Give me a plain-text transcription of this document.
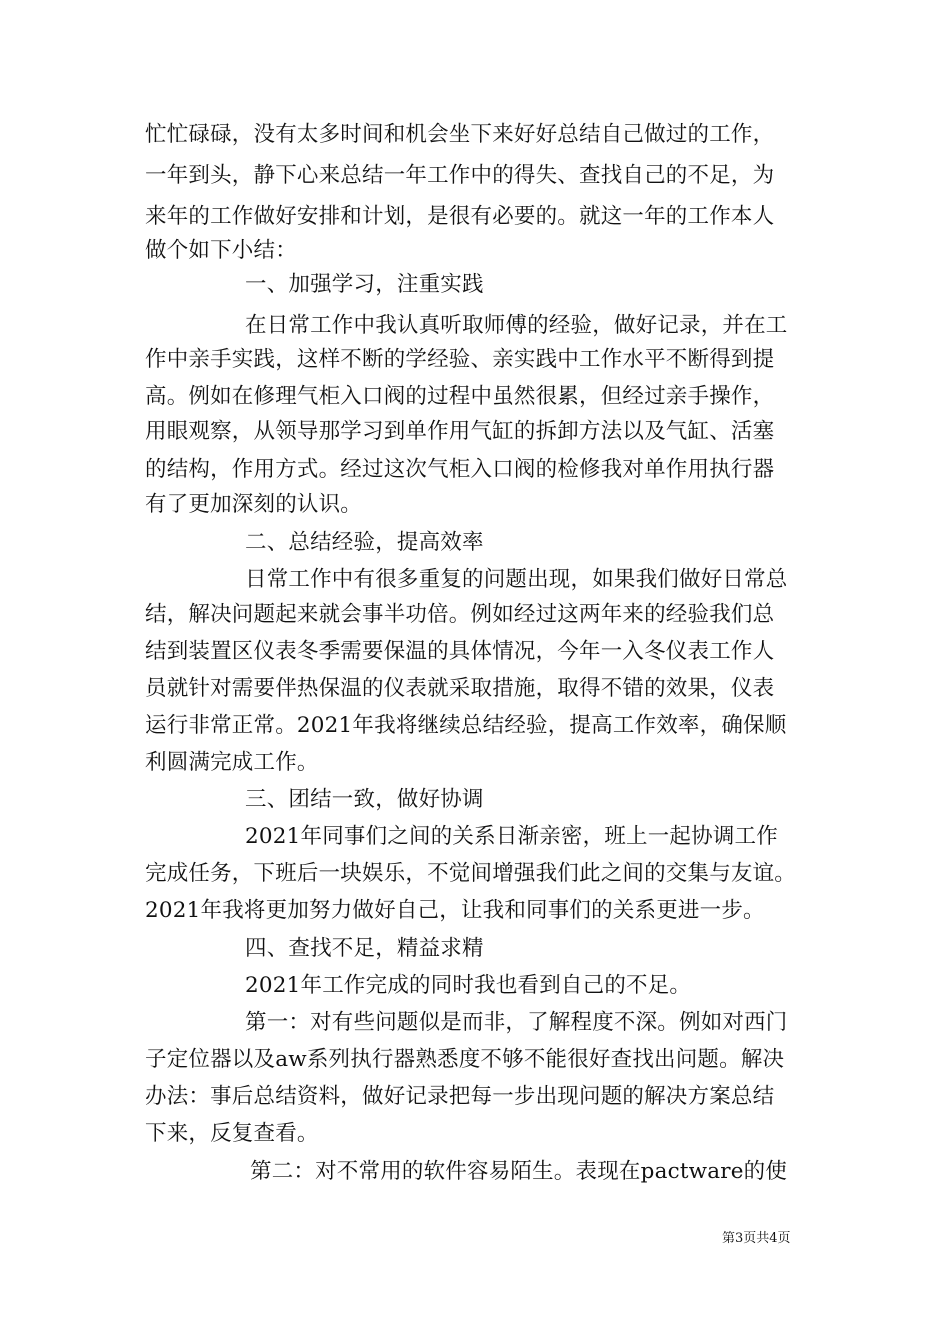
忙忙碌碌，没有太多时间和机会坐下来好好总结自己做过的工作，
一年到头，静下心来总结一年工作中的得失、查找自己的不足，为
来年的工作做好安排和计划，是很有必要的。就这一年的工作本人
做个如下小结：
一、加强学习，注重实践
在日常工作中我认真听取师傅的经验，做好记录，并在工
作中亲手实践，这样不断的学经验、亲实践中工作水平不断得到提
高。例如在修理气柜入口阀的过程中虽然很累，但经过亲手操作，
用眼观察，从领导那学习到单作用气缸的拆卸方法以及气缸、活塞
的结构，作用方式。经过这次气柜入口阀的检修我对单作用执行器
有了更加深刻的认识。
二、总结经验，提高效率
日常工作中有很多重复的问题出现，如果我们做好日常总
结，解决问题起来就会事半功倍。例如经过这两年来的经验我们总
结到装置区仪表冬季需要保温的具体情况，今年一入冬仪表工作人
员就针对需要伴热保温的仪表就采取措施，取得不错的效果，仪表
运行非常正常。2021年我将继续总结经验，提高工作效率，确保顺
利圆满完成工作。
三、团结一致，做好协调
2021年同事们之间的关系日渐亲密，班上一起协调工作
完成任务，下班后一块娱乐，不觉间增强我们此之间的交集与友谊。
2021年我将更加努力做好自己，让我和同事们的关系更进一步。
四、查找不足，精益求精
2021年工作完成的同时我也看到自己的不足。
第一：对有些问题似是而非，了解程度不深。例如对西门
子定位器以及aw系列执行器熟悉度不够不能很好查找出问题。解决
办法：事后总结资料，做好记录把每一步出现问题的解决方案总结
下来，反复查看。
第二：对不常用的软件容易陌生。表现在pactware的使
第3页共4页
